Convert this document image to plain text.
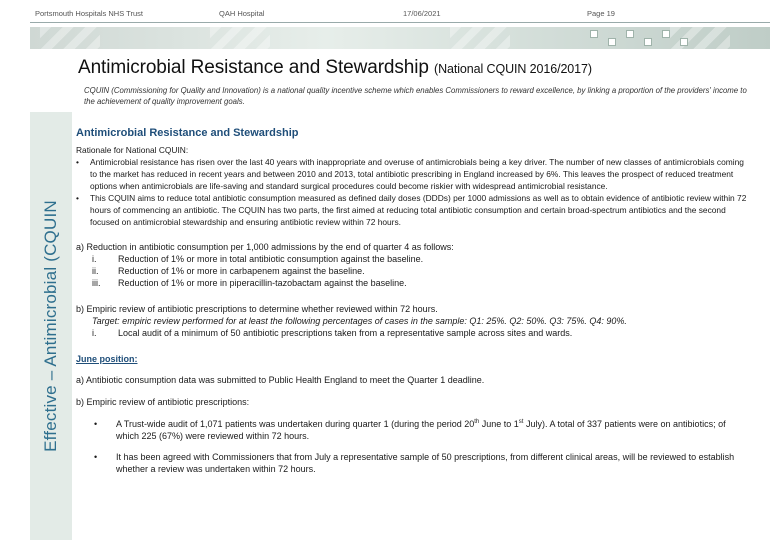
Portsmouth Hospitals NHS Trust	QAH Hospital	17/06/2021	Page 19
Antimicrobial Resistance and Stewardship (National CQUIN 2016/2017)
CQUIN (Commissioning for Quality and Innovation) is a national quality incentive scheme which enables Commissioners to reward excellence, by linking a proportion of the providers' income to the achievement of quality improvement goals.
Effective – Antimicrobial (CQUIN
Antimicrobial Resistance and Stewardship
Rationale for National CQUIN:
• Antimicrobial resistance has risen over the last 40 years with inappropriate and overuse of antimicrobials being a key driver. The number of new classes of antimicrobials coming to the market has reduced in recent years and between 2010 and 2013, total antibiotic prescribing in England increased by 6%. This leaves the prospect of reduced treatment options when antimicrobials are life-saving and standard surgical procedures could become riskier with widespread antimicrobial resistance.
• This CQUIN aims to reduce total antibiotic consumption measured as defined daily doses (DDDs) per 1000 admissions as well as to obtain evidence of antibiotic review within 72 hours of commencing an antibiotic. The CQUIN has two parts, the first aimed at reducing total antibiotic consumption and certain broad-spectrum antibiotics and the second focused on antimicrobial stewardship and ensuring antibiotic review within 72 hours.
a) Reduction in antibiotic consumption per 1,000 admissions by the end of quarter 4 as follows:
i. Reduction of 1% or more in total antibiotic consumption against the baseline.
ii. Reduction of 1% or more in carbapenem against the baseline.
iii. Reduction of 1% or more in piperacillin-tazobactam against the baseline.
b) Empiric review of antibiotic prescriptions to determine whether reviewed within 72 hours.
Target: empiric review performed for at least the following percentages of cases in the sample: Q1: 25%. Q2: 50%. Q3: 75%. Q4: 90%.
i. Local audit of a minimum of 50 antibiotic prescriptions taken from a representative sample across sites and wards.
June position:
a) Antibiotic consumption data was submitted to Public Health England to meet the Quarter 1 deadline.
b) Empiric review of antibiotic prescriptions:
• A Trust-wide audit of 1,071 patients was undertaken during quarter 1 (during the period 20th June to 1st July). A total of 337 patients were on antibiotics; of which 225 (67%) were reviewed within 72 hours.
• It has been agreed with Commissioners that from July a representative sample of 50 prescriptions, from different clinical areas, will be reviewed to establish whether a review was undertaken within 72 hours.
